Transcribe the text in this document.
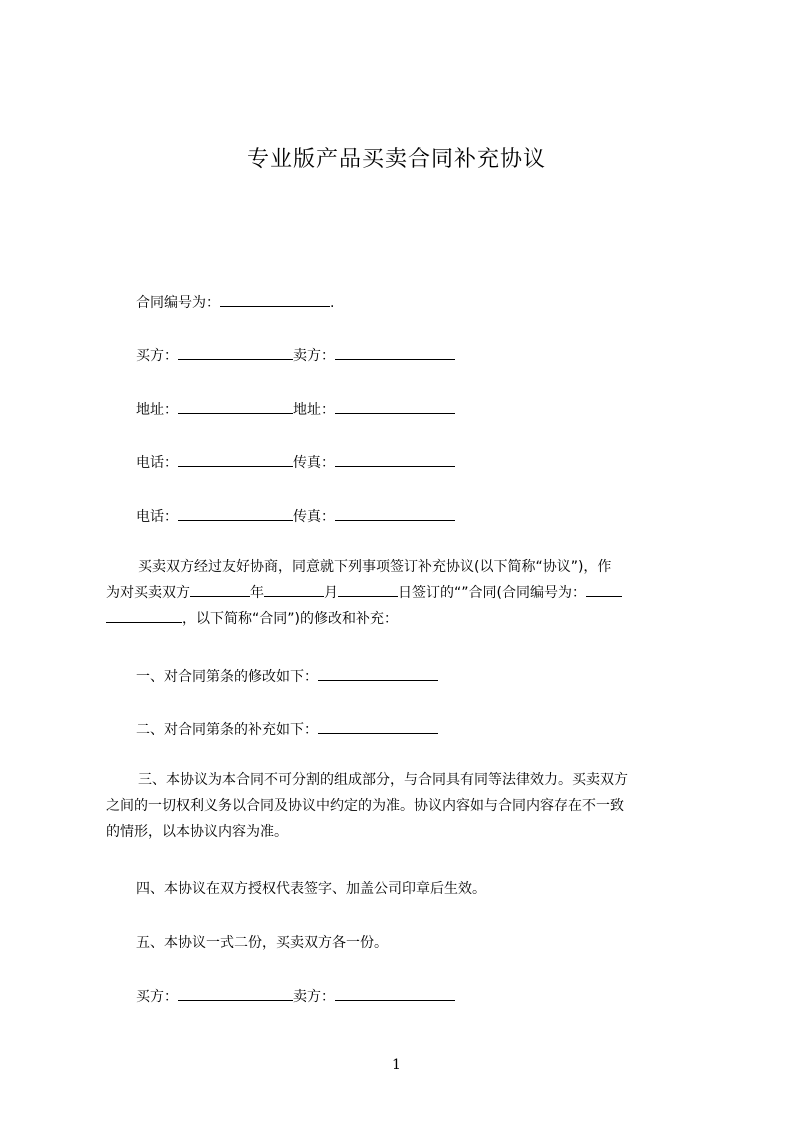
专业版产品买卖合同补充协议
合同编号为：	.
买方：	卖方：
地址：	地址：
电话：	传真：
电话：	传真：
买卖双方经过友好协商，同意就下列事项签订补充协议(以下简称“协议”)，作
为对买卖双方	年	月	日签订的“”合同(合同编号为：
，以下简称“合同”)的修改和补充：
一、对合同第条的修改如下：
二、对合同第条的补充如下：
三、本协议为本合同不可分割的组成部分，与合同具有同等法律效力。买卖双方
之间的一切权利义务以合同及协议中约定的为准。协议内容如与合同内容存在不一致
的情形，以本协议内容为准。
四、本协议在双方授权代表签字、加盖公司印章后生效。
五、本协议一式二份，买卖双方各一份。
买方：	卖方：
1
